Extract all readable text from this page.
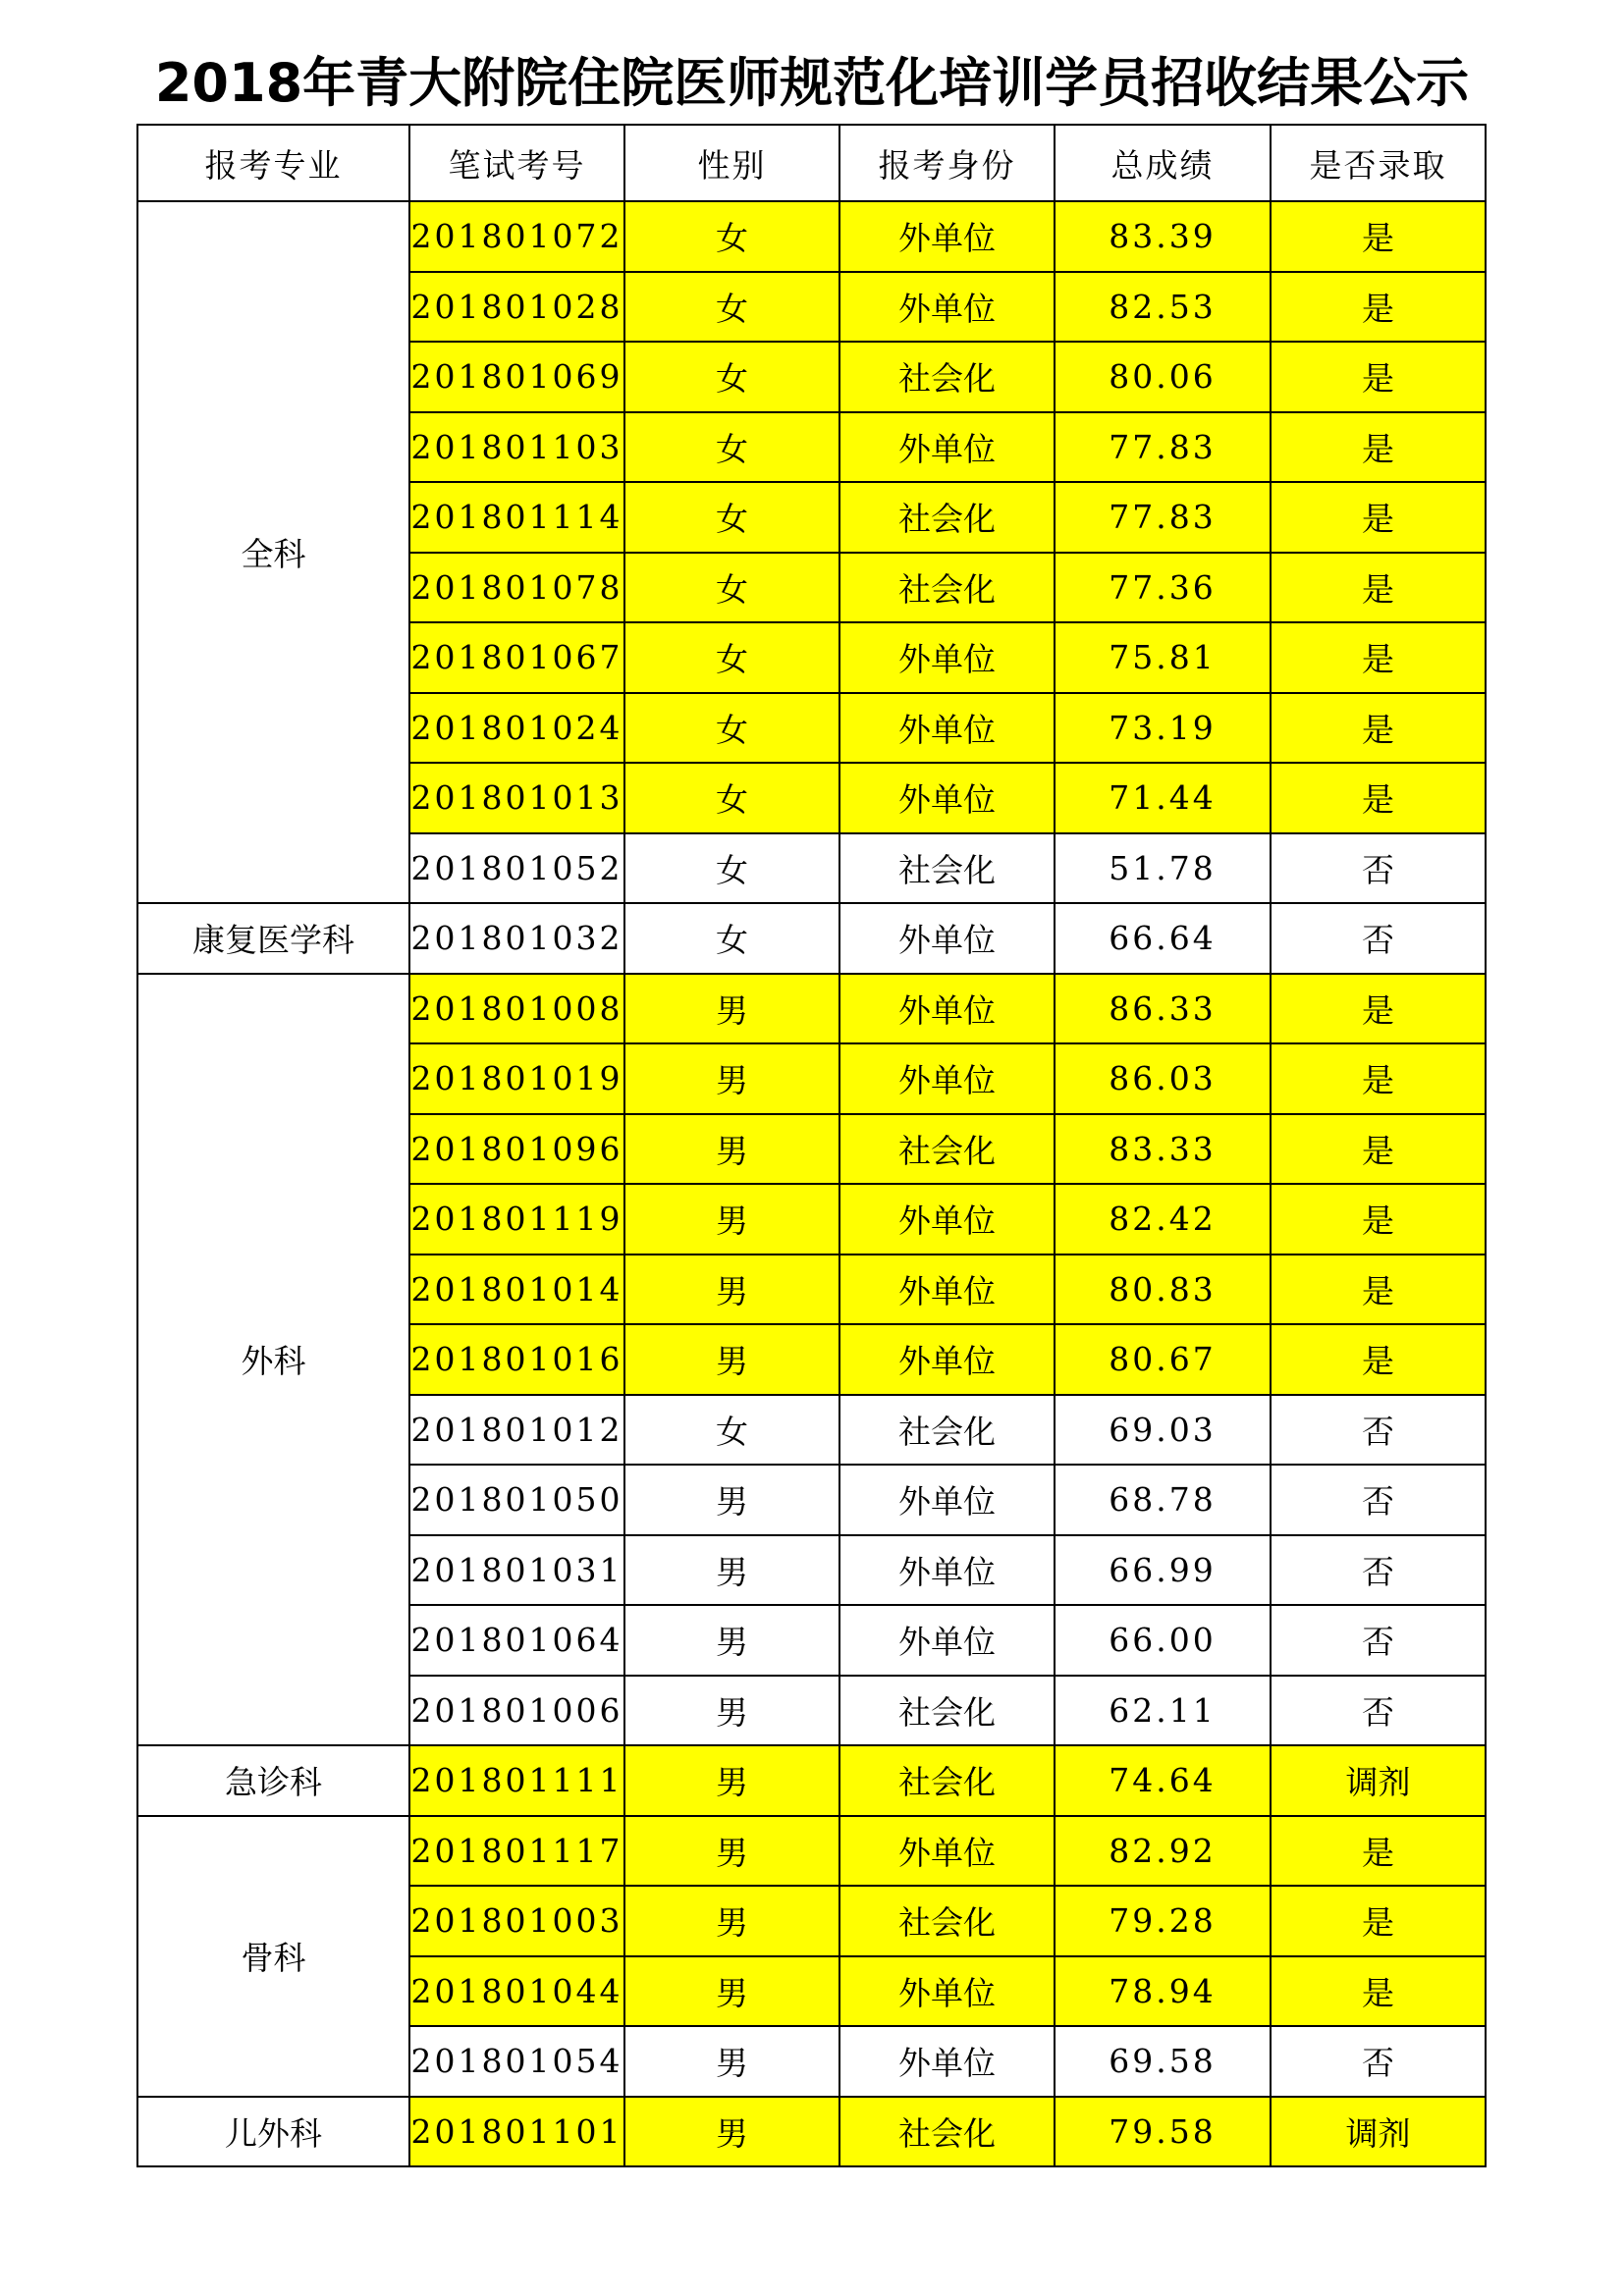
2018年青大附院住院医师规范化培训学员招收结果公示
报考专业	笔试考号	性别	报考身份	总成绩	是否录取
全科	201801072	女	外单位	83.39	是
	201801028	女	外单位	82.53	是
	201801069	女	社会化	80.06	是
	201801103	女	外单位	77.83	是
	201801114	女	社会化	77.83	是
	201801078	女	社会化	77.36	是
	201801067	女	外单位	75.81	是
	201801024	女	外单位	73.19	是
	201801013	女	外单位	71.44	是
	201801052	女	社会化	51.78	否
康复医学科	201801032	女	外单位	66.64	否
外科	201801008	男	外单位	86.33	是
	201801019	男	外单位	86.03	是
	201801096	男	社会化	83.33	是
	201801119	男	外单位	82.42	是
	201801014	男	外单位	80.83	是
	201801016	男	外单位	80.67	是
	201801012	女	社会化	69.03	否
	201801050	男	外单位	68.78	否
	201801031	男	外单位	66.99	否
	201801064	男	外单位	66.00	否
	201801006	男	社会化	62.11	否
急诊科	201801111	男	社会化	74.64	调剂
骨科	201801117	男	外单位	82.92	是
	201801003	男	社会化	79.28	是
	201801044	男	外单位	78.94	是
	201801054	男	外单位	69.58	否
儿外科	201801101	男	社会化	79.58	调剂
